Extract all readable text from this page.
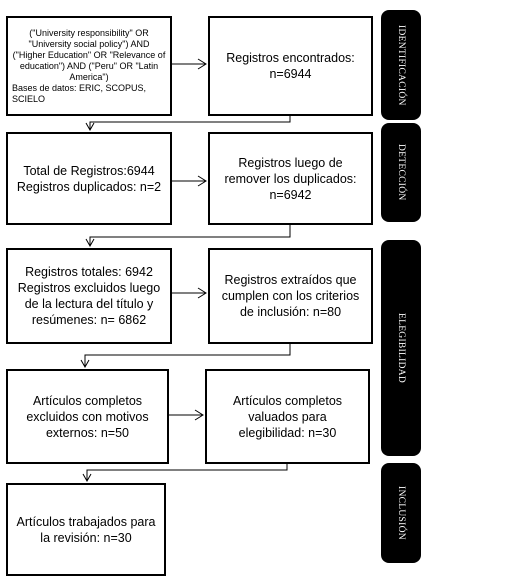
("University responsibility" OR
"University social policy") AND
("Higher Education" OR "Relevance of
education") AND ("Peru" OR "Latin
America")
Bases de datos: ERIC, SCOPUS, SCIELO
Registros encontrados:
n=6944
Total de Registros:6944
Registros duplicados: n=2
Registros luego de
remover los duplicados:
n=6942
Registros totales: 6942
Registros excluidos luego
de la lectura del título y
resúmenes: n= 6862
Registros extraídos que
cumplen con los criterios
de inclusión: n=80
Artículos completos
excluidos con motivos
externos: n=50
Artículos completos
valuados para
elegibilidad: n=30
Artículos trabajados para
la revisión: n=30
IDENTIFICACIÓN
DETECCIÓN
ELEGIBILIDAD
INCLUSIÓN
